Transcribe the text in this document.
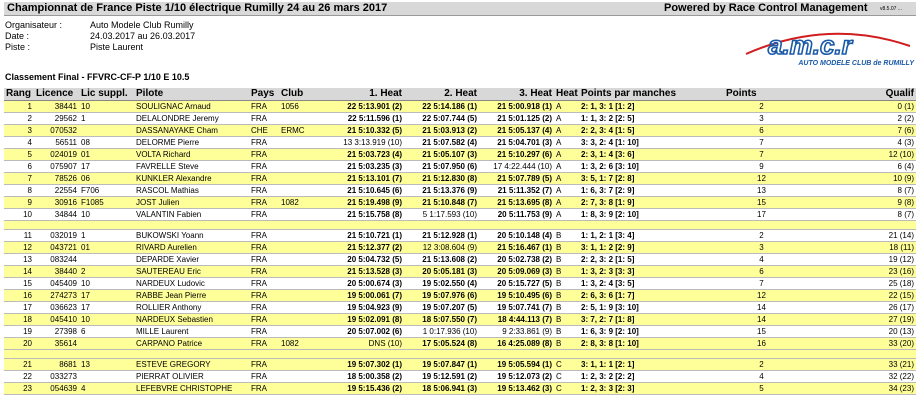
Championnat de France Piste 1/10 électrique Rumilly 24 au 26 mars 2017	Powered by Race Control Management v8.5.07 ...
Organisateur :	Auto Modele Club Rumilly
Date :	24.03.2017 au 26.03.2017
Piste :	Piste Laurent	a.m.c.r
AUTO MODELE CLUB de RUMILLY
Classement Final - FFVRC-CF-P 1/10 E 10.5
Rang	Licence	Lic suppl.	Pilote	Pays	Club	1. Heat	2. Heat	3. Heat	Heat	Points par manches	Points	Qualif
1	38441	10	SOULIGNAC Arnaud	FRA	1056	22 5:13.901 (2)	22 5:14.186 (1)	21 5:00.918 (1)	A	2: 1, 3: 1 [1: 2]	2	0 (1)
2	29562	1	DELALONDRE Jeremy	FRA		22 5:11.596 (1)	22 5:07.744 (5)	21 5:01.125 (2)	A	1: 1, 3: 2 [2: 5]	3	2 (2)
3	070532		DASSANAYAKE Cham	CHE	ERMC	21 5:10.332 (5)	21 5:03.913 (2)	21 5:05.137 (4)	A	2: 2, 3: 4 [1: 5]	6	7 (6)
4	56511	08	DELORME Pierre	FRA		13 3:13.919 (10)	21 5:07.582 (4)	21 5:04.701 (3)	A	3: 3, 2: 4 [1: 10]	7	4 (3)
5	024019	01	VOLTA Richard	FRA		21 5:03.723 (4)	21 5:05.107 (3)	21 5:10.297 (6)	A	2: 3, 1: 4 [3: 6]	7	12 (10)
6	075907	17	FAVRELLE Steve	FRA		21 5:03.235 (3)	21 5:07.950 (6)	17 4:22.444 (10)	A	1: 3, 2: 6 [3: 10]	9	6 (4)
7	78526	06	KUNKLER Alexandre	FRA		21 5:13.101 (7)	21 5:12.830 (8)	21 5:07.789 (5)	A	3: 5, 1: 7 [2: 8]	12	10 (9)
8	22554	F706	RASCOL Mathias	FRA		21 5:10.645 (6)	21 5:13.376 (9)	21 5:11.352 (7)	A	1: 6, 3: 7 [2: 9]	13	8 (7)
9	30916	F1085	JOST Julien	FRA	1082	21 5:19.498 (9)	21 5:10.848 (7)	21 5:13.695 (8)	A	2: 7, 3: 8 [1: 9]	15	9 (8)
10	34844	10	VALANTIN Fabien	FRA		21 5:15.758 (8)	5 1:17.593 (10)	20 5:11.753 (9)	A	1: 8, 3: 9 [2: 10]	17	8 (7)

11	032019	1	BUKOWSKI Yoann	FRA		21 5:10.721 (1)	21 5:12.928 (1)	20 5:10.148 (4)	B	1: 1, 2: 1 [3: 4]	2	21 (14)
12	043721	01	RIVARD Aurelien	FRA		21 5:12.377 (2)	12 3:08.604 (9)	21 5:16.467 (1)	B	3: 1, 1: 2 [2: 9]	3	18 (11)
13	083244		DEPARDE Xavier	FRA		20 5:04.732 (5)	21 5:13.608 (2)	20 5:02.738 (2)	B	2: 2, 3: 2 [1: 5]	4	19 (12)
14	38440	2	SAUTEREAU Eric	FRA		21 5:13.528 (3)	20 5:05.181 (3)	20 5:09.069 (3)	B	1: 3, 2: 3 [3: 3]	6	23 (16)
15	045409	10	NARDEUX Ludovic	FRA		20 5:00.674 (3)	19 5:02.550 (4)	20 5:15.727 (5)	B	1: 3, 2: 4 [3: 5]	7	25 (18)
16	274273	17	RABBE Jean Pierre	FRA		19 5:00.061 (7)	19 5:07.976 (6)	19 5:10.495 (6)	B	2: 6, 3: 6 [1: 7]	12	22 (15)
17	036623	17	ROLLIER Anthony	FRA		19 5:04.923 (9)	19 5:07.207 (5)	19 5:07.741 (7)	B	2: 5, 1: 9 [3: 10]	14	26 (17)
18	045410	10	NARDEUX Sebastien	FRA		19 5:02.091 (8)	18 5:07.550 (7)	18 4:44.113 (7)	B	3: 7, 2: 7 [1: 8]	14	27 (19)
19	27398	6	MILLE Laurent	FRA		20 5:07.002 (6)	1 0:17.936 (10)	9 2:33.861 (9)	B	1: 6, 3: 9 [2: 10]	15	20 (13)
20	35614		CARPANO Patrice	FRA	1082	DNS (10)	17 5:05.524 (8)	16 4:25.089 (8)	B	2: 8, 3: 8 [1: 10]	16	33 (20)

21	8681	13	ESTEVE GREGORY	FRA		19 5:07.302 (1)	19 5:07.847 (1)	19 5:05.594 (1)	C	3: 1, 1: 1 [2: 1]	2	33 (21)
22	033273		PIERRAT OLIVIER	FRA		18 5:00.358 (2)	19 5:12.591 (2)	19 5:12.073 (2)	C	1: 2, 3: 2 [2: 2]	4	32 (22)
23	054639	4	LEFEBVRE CHRISTOPHE	FRA		19 5:15.436 (2)	18 5:06.941 (3)	19 5:13.462 (3)	C	1: 2, 3: 3 [2: 3]	5	34 (23)
